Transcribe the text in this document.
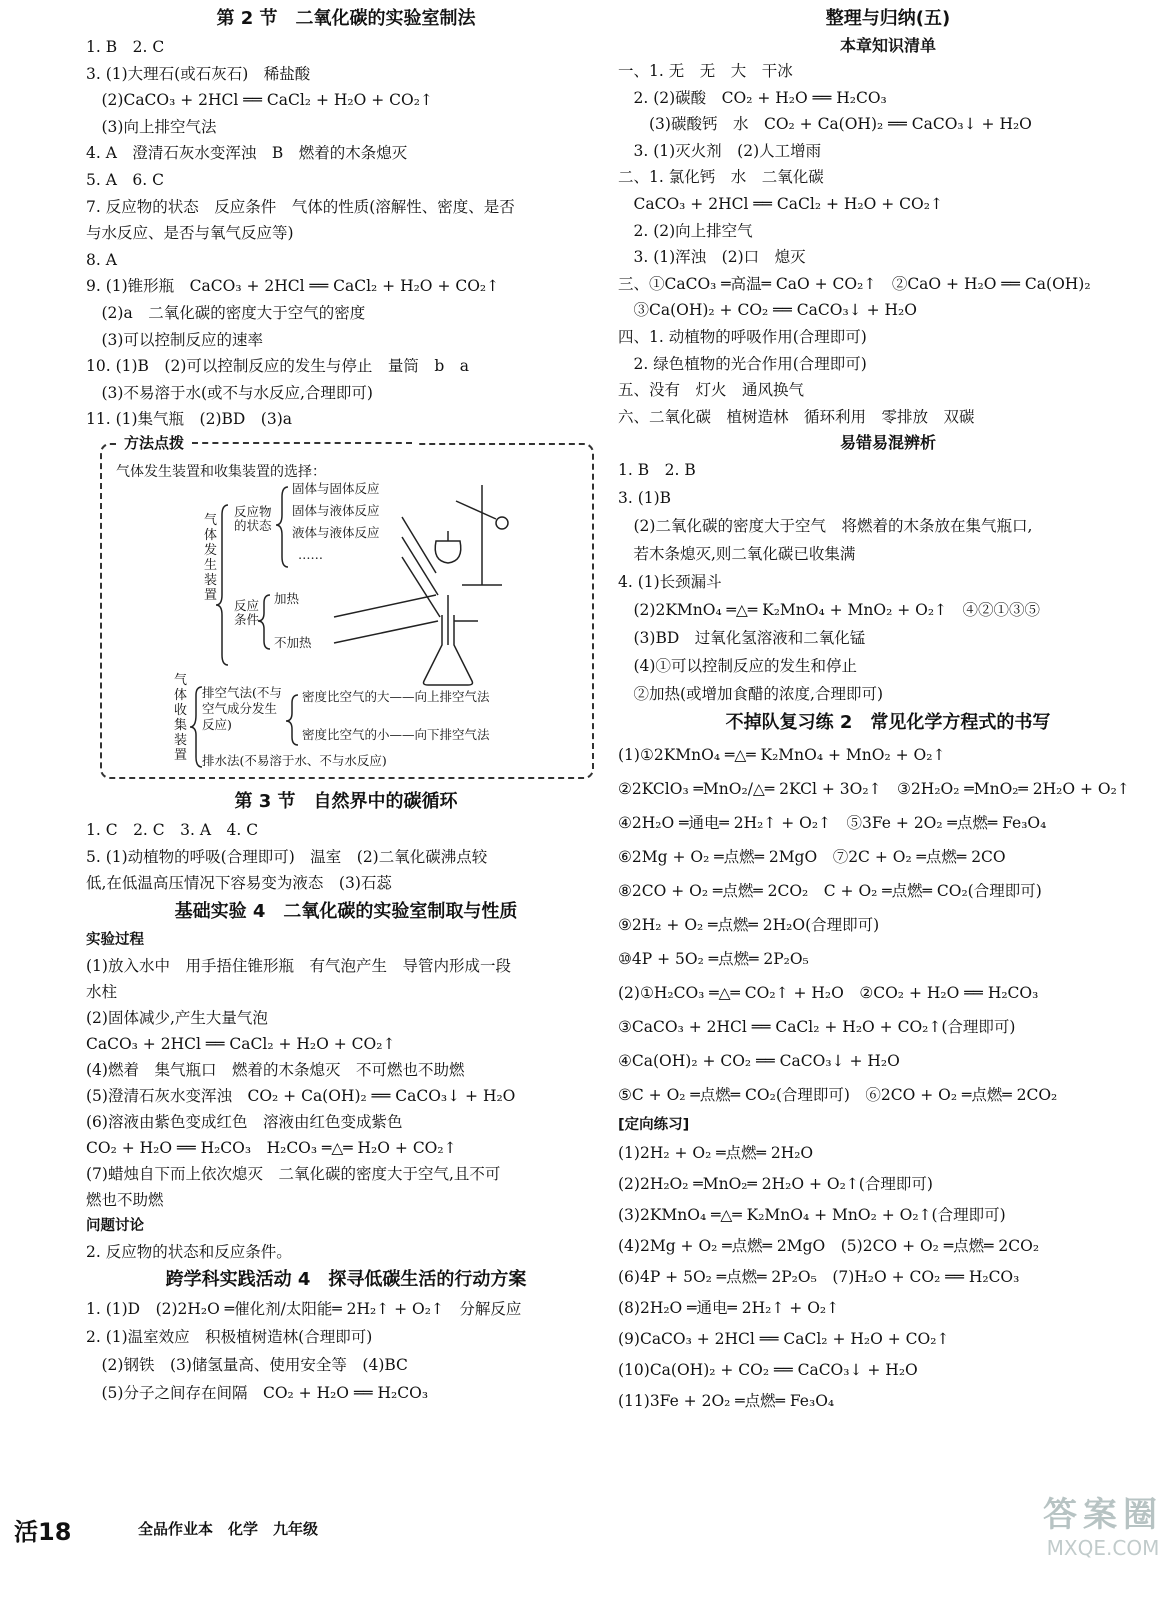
第 2 节　二氧化碳的实验室制法
1. B　2. C
3. (1)大理石(或石灰石)　稀盐酸
　(2)CaCO₃ + 2HCl ══ CaCl₂ + H₂O + CO₂↑
　(3)向上排空气法
4. A　澄清石灰水变浑浊　B　燃着的木条熄灭
5. A　6. C
7. 反应物的状态　反应条件　气体的性质(溶解性、密度、是否
与水反应、是否与氧气反应等)
8. A
9. (1)锥形瓶　CaCO₃ + 2HCl ══ CaCl₂ + H₂O + CO₂↑
　(2)a　二氧化碳的密度大于空气的密度
　(3)可以控制反应的速率
10. (1)B　(2)可以控制反应的发生与停止　量筒　b　a
　(3)不易溶于水(或不与水反应,合理即可)
11. (1)集气瓶　(2)BD　(3)a
方法点拨
气体发生装置和收集装置的选择：
气体发生装置
反应物的状态
固体与固体反应
固体与液体反应
液体与液体反应
……
反应条件
加热
不加热
气体收集装置
排空气法(不与空气成分发生反应)
密度比空气的大——向上排空气法
密度比空气的小——向下排空气法
排水法(不易溶于水、不与水反应)
第 3 节　自然界中的碳循环
1. C　2. C　3. A　4. C
5. (1)动植物的呼吸(合理即可)　温室　(2)二氧化碳沸点较
低,在低温高压情况下容易变为液态　(3)石蕊
基础实验 4　二氧化碳的实验室制取与性质
实验过程
(1)放入水中　用手捂住锥形瓶　有气泡产生　导管内形成一段
水柱
(2)固体减少,产生大量气泡
CaCO₃ + 2HCl ══ CaCl₂ + H₂O + CO₂↑
(4)燃着　集气瓶口　燃着的木条熄灭　不可燃也不助燃
(5)澄清石灰水变浑浊　CO₂ + Ca(OH)₂ ══ CaCO₃↓ + H₂O
(6)溶液由紫色变成红色　溶液由红色变成紫色
CO₂ + H₂O ══ H₂CO₃　H₂CO₃ ═△═ H₂O + CO₂↑
(7)蜡烛自下而上依次熄灭　二氧化碳的密度大于空气,且不可
燃也不助燃
问题讨论
2. 反应物的状态和反应条件。
跨学科实践活动 4　探寻低碳生活的行动方案
1. (1)D　(2)2H₂O ═催化剂/太阳能═ 2H₂↑ + O₂↑　分解反应
2. (1)温室效应　积极植树造林(合理即可)
　(2)钢铁　(3)储氢量高、使用安全等　(4)BC
　(5)分子之间存在间隔　CO₂ + H₂O ══ H₂CO₃
整理与归纳(五)
本章知识清单
一、1. 无　无　大　干冰
　2. (2)碳酸　CO₂ + H₂O ══ H₂CO₃
　　(3)碳酸钙　水　CO₂ + Ca(OH)₂ ══ CaCO₃↓ + H₂O
　3. (1)灭火剂　(2)人工增雨
二、1. 氯化钙　水　二氧化碳
　CaCO₃ + 2HCl ══ CaCl₂ + H₂O + CO₂↑
　2. (2)向上排空气
　3. (1)浑浊　(2)口　熄灭
三、①CaCO₃ ═高温═ CaO + CO₂↑　②CaO + H₂O ══ Ca(OH)₂
　③Ca(OH)₂ + CO₂ ══ CaCO₃↓ + H₂O
四、1. 动植物的呼吸作用(合理即可)
　2. 绿色植物的光合作用(合理即可)
五、没有　灯火　通风换气
六、二氧化碳　植树造林　循环利用　零排放　双碳
易错易混辨析
1. B　2. B
3. (1)B
　(2)二氧化碳的密度大于空气　将燃着的木条放在集气瓶口,
　若木条熄灭,则二氧化碳已收集满
4. (1)长颈漏斗
　(2)2KMnO₄ ═△═ K₂MnO₄ + MnO₂ + O₂↑　④②①③⑤
　(3)BD　过氧化氢溶液和二氧化锰
　(4)①可以控制反应的发生和停止
　②加热(或增加食醋的浓度,合理即可)
不掉队复习练 2　常见化学方程式的书写
(1)①2KMnO₄ ═△═ K₂MnO₄ + MnO₂ + O₂↑
②2KClO₃ ═MnO₂/△═ 2KCl + 3O₂↑　③2H₂O₂ ═MnO₂═ 2H₂O + O₂↑
④2H₂O ═通电═ 2H₂↑ + O₂↑　⑤3Fe + 2O₂ ═点燃═ Fe₃O₄
⑥2Mg + O₂ ═点燃═ 2MgO　⑦2C + O₂ ═点燃═ 2CO
⑧2CO + O₂ ═点燃═ 2CO₂　C + O₂ ═点燃═ CO₂(合理即可)
⑨2H₂ + O₂ ═点燃═ 2H₂O(合理即可)
⑩4P + 5O₂ ═点燃═ 2P₂O₅
(2)①H₂CO₃ ═△═ CO₂↑ + H₂O　②CO₂ + H₂O ══ H₂CO₃
③CaCO₃ + 2HCl ══ CaCl₂ + H₂O + CO₂↑(合理即可)
④Ca(OH)₂ + CO₂ ══ CaCO₃↓ + H₂O
⑤C + O₂ ═点燃═ CO₂(合理即可)　⑥2CO + O₂ ═点燃═ 2CO₂
[定向练习]
(1)2H₂ + O₂ ═点燃═ 2H₂O
(2)2H₂O₂ ═MnO₂═ 2H₂O + O₂↑(合理即可)
(3)2KMnO₄ ═△═ K₂MnO₄ + MnO₂ + O₂↑(合理即可)
(4)2Mg + O₂ ═点燃═ 2MgO　(5)2CO + O₂ ═点燃═ 2CO₂
(6)4P + 5O₂ ═点燃═ 2P₂O₅　(7)H₂O + CO₂ ══ H₂CO₃
(8)2H₂O ═通电═ 2H₂↑ + O₂↑
(9)CaCO₃ + 2HCl ══ CaCl₂ + H₂O + CO₂↑
(10)Ca(OH)₂ + CO₂ ══ CaCO₃↓ + H₂O
(11)3Fe + 2O₂ ═点燃═ Fe₃O₄
活18	全品作业本　化学　九年级	答案圈
MXQE.COM
